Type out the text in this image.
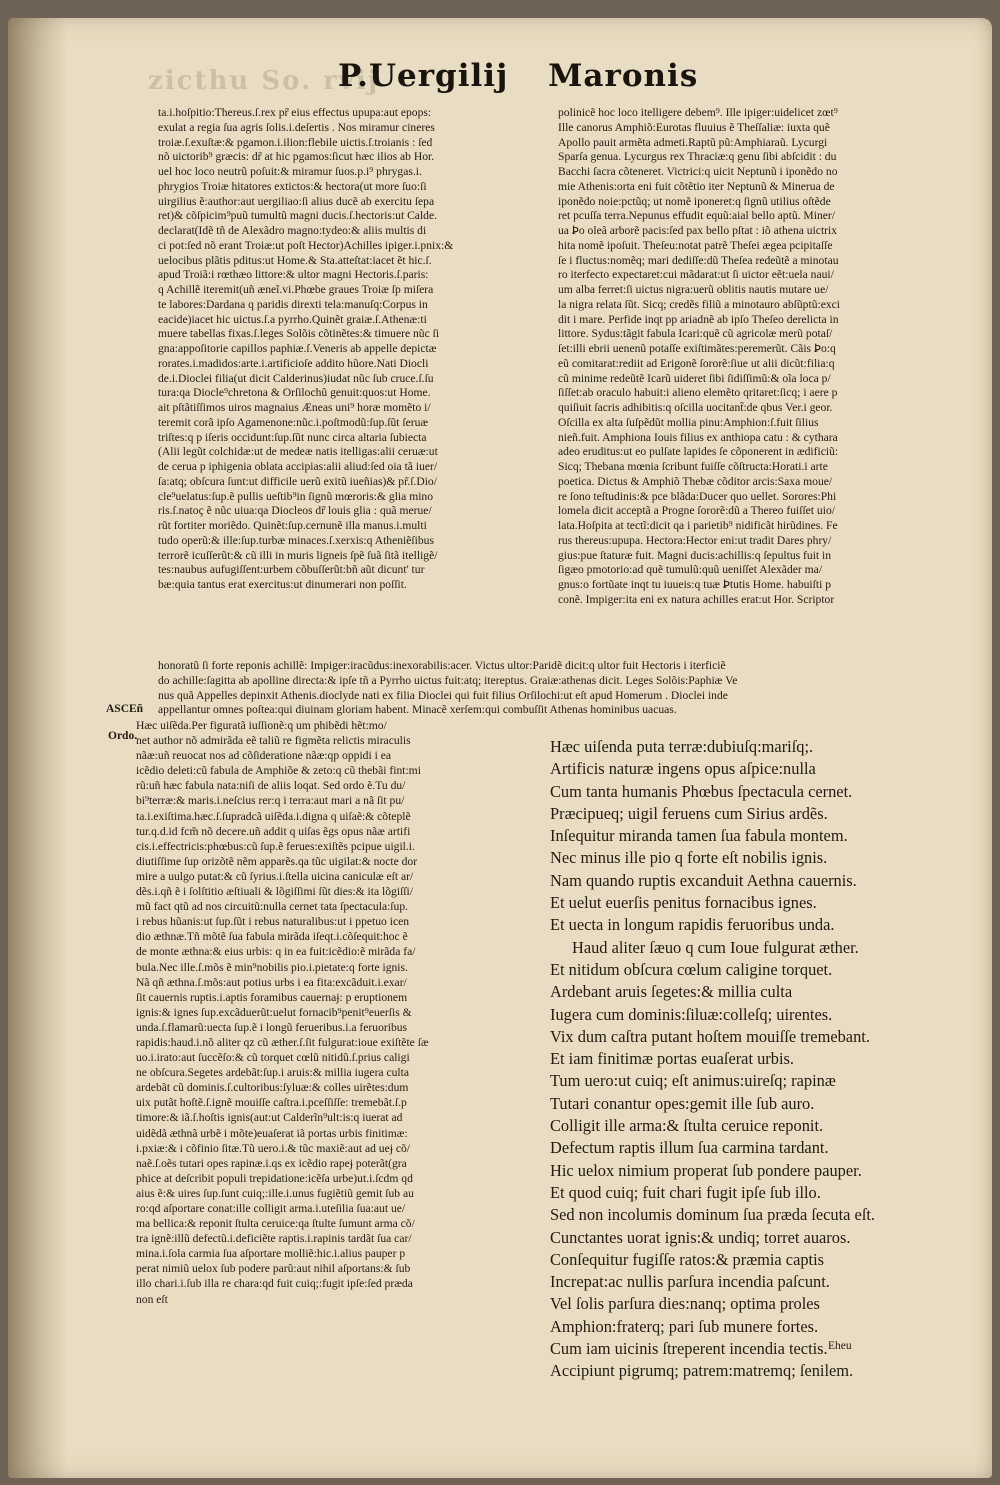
zicthu So. rvij
P.Uergilij Maronis
ta.i.hoſpitio:Thereus.ſ.rex pr̃ eius effectus upupa:aut epops:
exulat a regia ſua agris ſolis.i.deſertis . Nos miramur cineres
troiæ.ſ.exuſtæ:& pgamon.i.ilion:flebile uictis.ſ.troianis : ſed
nõ uictorib⁹ græcis: dr̃ at hic pgamos:ſicut hæc ilios ab Hor.
uel hoc loco neutrũ poſuit:& miramur ſuos.p.i⁹ phrygas.i.
phrygios Troiæ hitatores extictos:& hectora(ut more ſuo:ſi
uirgilius ẽ:author:aut uergiliao:ſi alius ducẽ ab exercitu ſepa
ret)& cõſpicim⁹puũ tumultũ magni ducis.ſ.hectoris:ut Calde.
declarat(Idẽ tñ de Alexãdro magno:tydeo:& aliis multis di
ci pot:ſed nõ erant Troiæ:ut poſt Hector)Achilles ipiger.i.pnix:&
uelocibus plãtis pditus:ut Home.& Sta.atteſtat:iacet ẽt hic.ſ.
apud Troiã:i rœthæo littore:& ultor magni Hectoris.ſ.paris:
q Achillẽ iteremit(uñ æneĩ.vi.Phœbe graues Troiæ ſp miſera
te labores:Dardana q paridis direxti tela:manuſq:Corpus in
eacide)iacet hic uictus.ſ.a pyrrho.Quinẽt graiæ.ſ.Athenæ:ti
muere tabellas fixas.ſ.leges Solõis cõtinẽtes:& timuere nũc ſi
gna:appoſitorie capillos paphiæ.ſ.Veneris ab appelle depictæ
rorates.i.madidos:arte.i.artificioſe addito hũore.Nati Diocli
de.i.Dioclei filia(ut dicit Calderinus)iudat nũc ſub cruce.ſ.ſu
tura:qa Diocle⁹chretona & Orſilochũ genuit:quos:ut Home.
ait pſtãtiſſimos uiros magnaius Æneas uni⁹ horæ momẽto i/
teremit corã ipſo Agamenone:nũc.i.poſtmodũ:ſup.ſũt ſeruæ
triſtes:q p iſeris occidunt:ſup.ſũt nunc circa altaria ſubiecta
(Alii legũt colchidæ:ut de medeæ natis itelligas:alii ceruæ:ut
de cerua p iphigenia oblata accipias:alii aliud:ſed oia tã iuer/
ſa:atq; obſcura ſunt:ut difficile uerũ exitũ iueñias)& pr̃.ſ.Dio/
cle⁹uelatus:ſup.ẽ pullis ueſtib⁹in ſignũ mœroris:& glia mino
ris.ſ.natoç ẽ nũc uiua:qa Diocleos dr̃ louis glia : quã merue/
rũt fortiter moriẽdo. Quinẽt:ſup.cernunẽ illa manus.i.multi
tudo operũ:& ille:ſup.turbæ minaces.ſ.xerxis:q Atheniẽſibus
terrorẽ icuſſerũt:& cũ illi in muris ligneis ſpẽ ſuã ſitã itelligẽ/
tes:naubus aufugiſſent:urbem cõbuſſerũt:bñ aũt dicunt' tur
bæ:quia tantus erat exercitus:ut dinumerari non poſſit.
polinicẽ hoc loco itelligere debem⁹. Ille ipiger:uidelicet zœt⁹
Ille canorus Amphiõ:Eurotas fluuius ẽ Theſſaliæ: iuxta quẽ
Apollo pauit armẽta admeti.Raptũ pũ:Amphiaraũ. Lycurgi
Sparſa genua. Lycurgus rex Thraciæ:q genu ſibi abſcidit : du
Bacchi ſacra cõteneret. Victrici:q uicit Neptunũ i iponẽdo no
mie Athenis:orta eni fuit cõtẽtio iter Neptunũ & Minerua de
iponẽdo noie:pctũq; ut nomẽ iponeret:q ſignũ utilius oſtẽde
ret pcuſſa terra.Nepunus effudit equũ:aial bello aptũ. Miner/
ua Ꝧo oleã arborẽ pacis:ſed pax bello pſtat : iõ athena uictrix
hita nomẽ ipoſuit. Theſeu:notat patrẽ Theſei ægea pcipitaſſe
ſe i fluctus:nomẽq; mari dediſſe:dũ Theſea redeũtẽ a minotau
ro iterfecto expectaret:cui mãdarat:ut ſi uictor eẽt:uela naui/
um alba ferret:ſi uictus nigra:uerũ oblitis nautis mutare ue/
la nigra relata ſũt. Sicq; credẽs filiũ a minotauro abſũptũ:exci
dit i mare. Perfide inqt pp ariadnẽ ab ipſo Theſeo derelicta in
littore. Sydus:tãgit fabula Icari:quẽ cũ agricolæ merũ potaſ/
ſet:illi ebrii uenenũ potaſſe exiſtimãtes:peremerũt. Cãis Ꝧo:q
eũ comitarat:rediit ad Erigonẽ ſororẽ:ſiue ut alii dicũt:filia:q
cũ minime redeũtẽ Icarũ uideret ſibi ſidiſſimũ:& oĩa loca p/
ſiſſet:ab oraculo habuit:i alieno elemẽto qritaret:ſicq; i aere p
quiſiuit ſacris adhibitis:q oſcilla uocitant̃:de qbus Ver.i geor.
Oſcilla ex alta ſuſpẽdũt mollia pinu:Amphion:ſ.fuit ſilius
nieñ.fuit. Amphiona Iouis filius ex anthiopa catu : & cythara
adeo eruditus:ut eo pulſate lapides ſe cõponerent in ædificiũ:
Sicq; Thebana mœnia ſcribunt fuiſſe cõſtructa:Horati.i arte
poetica. Dictus & Amphiõ Thebæ cõditor arcis:Saxa moue/
re ſono teſtudinis:& pce blãda:Ducer quo uellet. Sorores:Phi
lomela dicit acceptã a Progne ſororẽ:dũ a Thereo fuiſſet uio/
lata.Hoſpita at tectĩ:dicit qa i parietib⁹ nidificãt hirũdines. Fe
rus thereus:upupa. Hectora:Hector eni:ut tradit Dares phry/
gius:pue ſtaturæ fuit. Magni ducis:achillis:q ſepultus fuit in
ſigæo pmotorio:ad quẽ tumulũ:quũ ueniſſet Alexãder ma/
gnus:o fortũate inqt tu iuueis:q tuæ Ꝧtutis Home. habuiſti p
conẽ. Impiger:ita eni ex natura achilles erat:ut Hor. Scriptor
honoratũ ſi forte reponis achillẽ: Impiger:iracũdus:inexorabilis:acer. Victus ultor:Paridẽ dicit:q ultor fuit Hectoris i iterficiẽ
do achille:ſagitta ab apolline directa:& ipſe tñ a Pyrrho uictus fuit:atq; itereptus. Graiæ:athenas dicit. Leges Solõis:Paphiæ Ve
nus quã Appelles depinxit Athenis.dioclyde nati ex filia Dioclei qui fuit filius Orſilochi:ut eſt apud Homerum . Dioclei inde
appellantur omnes poſtea:qui diuinam gloriam habent. Minacẽ xerſem:qui combuſſit Athenas hominibus uacuas.
ASCEñ
Ordo.
Hæc uiſẽda.Per figuratã iuſſionẽ:q um phibẽdi hẽt:mo/
net author nõ admirãda eẽ taliũ re figmẽta relictis miraculis
nãæ:uñ reuocat nos ad cõſideratione nãæ:qp oppidi i ea
icẽdio deleti:cũ fabula de Amphiõe & zeto:q cũ thebãi fint:mi
rũ:uñ hæc fabula nata:niſi de aliis loqat. Sed ordo ẽ.Tu du/
bi⁹terræ:& maris.i.neſcius rer:q i terra:aut mari a nã ſit pu/
ta.i.exiſtima.hæc.ſ.ſupradcã uiſẽda.i.digna q uiſaẽ:& cõteplẽ
tur.q.d.id fcm̃ nõ decere.uñ addit q uiſas ẽgs opus nãæ artifi
cis.i.effectricis:phœbus:cũ ſup.ẽ ferues:exiſtẽs pcipue uigil.i.
diutiſſime ſup orizõtẽ nẽm apparẽs.qa tũc uigilat:& nocte dor
mire a uulgo putat:& cũ ſyrius.i.ſtella uicina caniculæ eſt ar/
dẽs.i.qñ ẽ i ſolſtitio æſtiuali & lõgiſſimi ſũt dies:& ita lõgiſſi/
mũ fact qtũ ad nos circuitũ:nulla cernet tata ſpectacula:ſup.
i rebus hũanis:ut ſup.ſũt i rebus naturalibus:ut i ppetuo icen
dio æthnæ.Tñ mõtẽ ſua fabula mirãda iſeqt.i.cõſequit:hoc ẽ
de monte æthna:& eius urbis: q in ea fuit:icẽdio:ẽ mirãda fa/
bula.Nec ille.ſ.mõs ẽ min⁹nobilis pio.i.pietate:q forte ignis.
Nã qñ æthna.ſ.mõs:aut potius urbs i ea fita:excãduit.i.exar/
ſit cauernis ruptis.i.aptis foramibus cauernaɉ: p eruptionem
ignis:& ignes ſup.excãduerũt:uelut fornacib⁹penit⁹euerſis &
unda.ſ.flamarũ:uecta ſup.ẽ i longũ ferueribus.i.a feruoribus
rapidis:haud.i.nõ aliter qz cũ æther.ſ.ſit fulgurat:ioue exiſtẽte ſæ
uo.i.irato:aut ſuccẽſo:& cũ torquet cœlũ nitidũ.ſ.prius caligi
ne obſcura.Segetes ardebãt:ſup.i aruis:& millia iugera culta
ardebãt cũ dominis.ſ.cultoribus:ſyluæ:& colles uirẽtes:dum
uix putãt hoſtẽ.ſ.ignẽ mouiſſe caſtra.i.pceſſiſſe: tremebãt.ſ.p
timore:& iã.ſ.hoſtis ignis(aut:ut Calderĩn⁹ult:is:q iuerat ad
uidẽdã æthnã urbẽ i mõte)euaſerat iã portas urbis finitimæ:
i.pxiæ:& i cõfinio ſitæ.Tũ uero.i.& tũc maxiẽ:aut ad ueɉ cõ/
naẽ.ſ.oẽs tutari opes rapinæ.i.qs ex icẽdio rapeɉ poterãt(gra
phice at deſcribit populi trepidatione:icẽſa urbe)ut.i.ſcdm qd
aius ẽ:& uires ſup.ſunt cuiq;:ille.i.unus fugiẽtiũ gemit ſub au
ro:qd aſportare conat:ille colligit arma.i.uteſilia ſua:aut ue/
ma bellica:& reponit ſtulta ceruice:qa ſtulte ſumunt arma cõ/
tra ignẽ:illũ defectũ.i.deficiẽte raptis.i.rapinis tardãt ſua car/
mina.i.ſola carmia ſua aſportare molliẽ:hic.i.alius pauper p
perat nimiũ uelox ſub podere parũ:aut nihil aſportans:& ſub
illo chari.i.ſub illa re chara:qd fuit cuiq;:fugit ipſe:ſed præda
non eſt
Hæc uiſenda puta terræ:dubiuſq:mariſq;.
Artificis naturæ ingens opus aſpice:nulla
Cum tanta humanis Phœbus ſpectacula cernet.
Præcipueq; uigil feruens cum Sirius ardẽs.
Inſequitur miranda tamen ſua fabula montem.
Nec minus ille pio q forte eſt nobilis ignis.
Nam quando ruptis excanduit Aethna cauernis.
Et uelut euerſis penitus fornacibus ignes.
Et uecta in longum rapidis feruoribus unda.
Haud aliter ſæuo q cum Ioue fulgurat æther.
Et nitidum obſcura cœlum caligine torquet.
Ardebant aruis ſegetes:& millia culta
Iugera cum dominis:ſiluæ:colleſq; uirentes.
Vix dum caſtra putant hoſtem mouiſſe tremebant.
Et iam finitimæ portas euaſerat urbis.
Tum uero:ut cuiq; eſt animus:uireſq; rapinæ
Tutari conantur opes:gemit ille ſub auro.
Colligit ille arma:& ſtulta ceruice reponit.
Defectum raptis illum ſua carmina tardant.
Hic uelox nimium properat ſub pondere pauper.
Et quod cuiq; fuit chari fugit ipſe ſub illo.
Sed non incolumis dominum ſua præda ſecuta eſt.
Cunctantes uorat ignis:& undiq; torret auaros.
Conſequitur fugiſſe ratos:& præmia captis
Increpat:ac nullis parſura incendia paſcunt.
Vel ſolis parſura dies:nanq; optima proles
Amphion:fraterq; pari ſub munere fortes.
Cum iam uicinis ſtreperent incendia tectis.
Accipiunt pigrumq; patrem:matremq; ſenilem.
Eheu
